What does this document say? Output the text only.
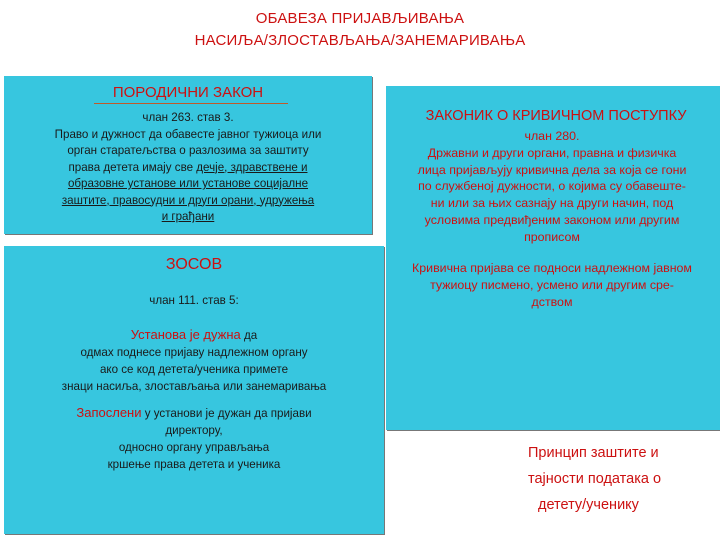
ОБАВЕЗА ПРИЈАВЉИВАЊА
НАСИЉА/ЗЛОСТАВЉАЊА/ЗАНЕМАРИВАЊА
ПОРОДИЧНИ ЗАКОН
члан 263. став 3.
Право и дужност да обавесте јавног тужиоца или
орган старатељства о разлозима за заштиту
права детета имају све дечје, здравствене и
образовне установе или установе социјалне
заштите, правосудни и други орани, удружења
и грађани
ЗОСОВ
члан 111. став 5:
Установа је дужна да
одмах поднесе пријаву надлежном органу
ако се код детета/ученика примете
знаци насиља, злостављања или занемаривања
Запослени у установи је дужан да пријави
директору,
односно органу управљања
кршење права детета и ученика
ЗАКОНИК О КРИВИЧНОМ ПОСТУПКУ
члан 280.
Државни и други органи, правна и физичка
лица пријављују кривична дела за која се гони
по службеној дужности, о којима су обавеште-
ни или за њих сазнају на други начин, под
условима предвиђеним законом или другим
прописом
Кривична пријава се подноси надлежном јавном
тужиоцу писмено, усмено или другим сре-
дством
Принцип заштите и
тајности података о
детету/ученику
